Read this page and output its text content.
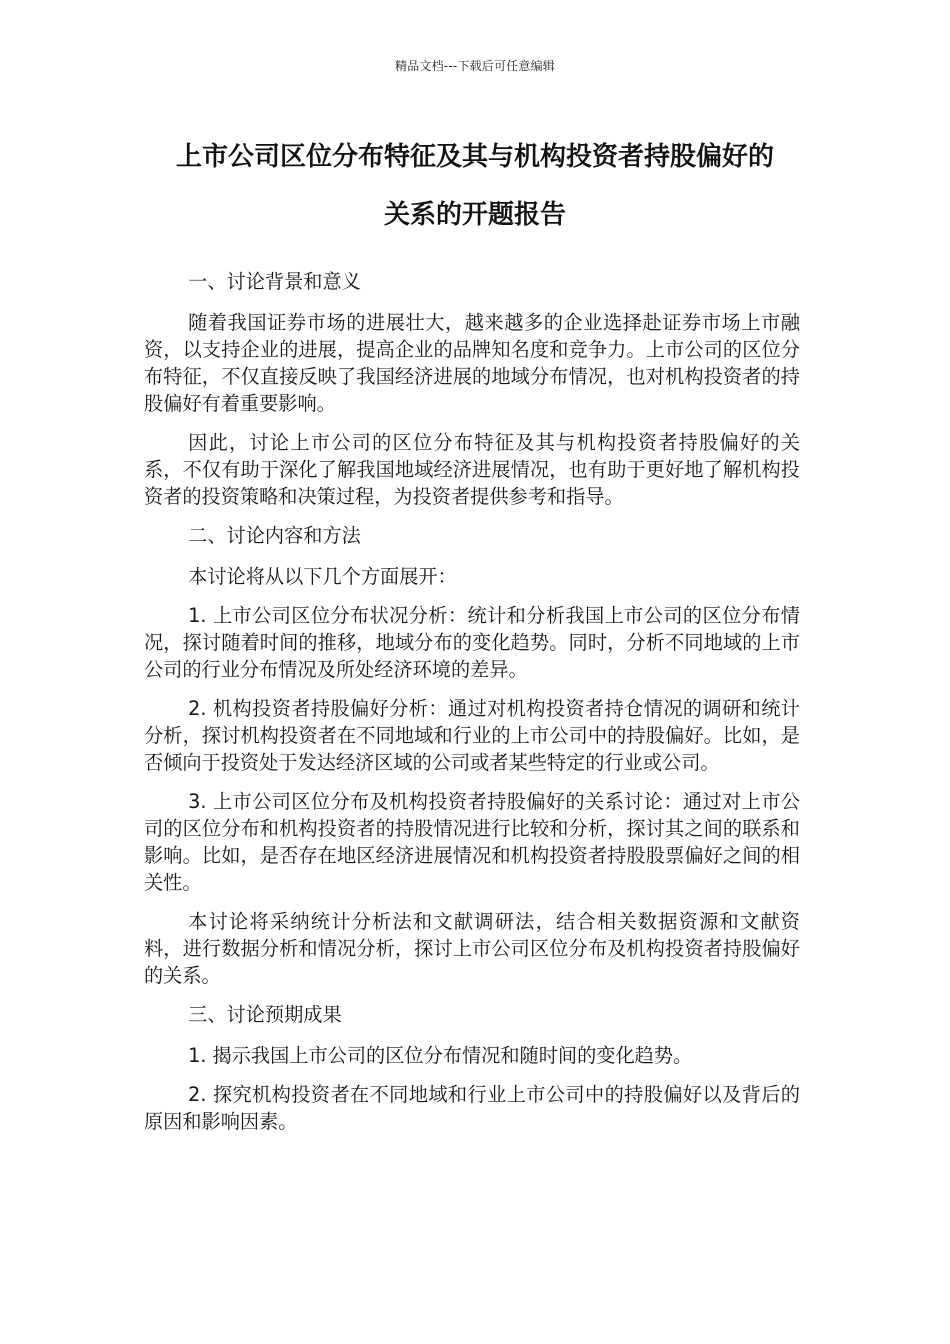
精品文档---下载后可任意编辑
上市公司区位分布特征及其与机构投资者持股偏好的
关系的开题报告

一、讨论背景和意义

随着我国证券市场的进展壮大，越来越多的企业选择赴证券市场上市融资，以支持企业的进展，提高企业的品牌知名度和竞争力。上市公司的区位分布特征，不仅直接反映了我国经济进展的地域分布情况，也对机构投资者的持股偏好有着重要影响。

因此，讨论上市公司的区位分布特征及其与机构投资者持股偏好的关系，不仅有助于深化了解我国地域经济进展情况，也有助于更好地了解机构投资者的投资策略和决策过程，为投资者提供参考和指导。

二、讨论内容和方法

本讨论将从以下几个方面展开：

1. 上市公司区位分布状况分析：统计和分析我国上市公司的区位分布情况，探讨随着时间的推移，地域分布的变化趋势。同时，分析不同地域的上市公司的行业分布情况及所处经济环境的差异。

2. 机构投资者持股偏好分析：通过对机构投资者持仓情况的调研和统计分析，探讨机构投资者在不同地域和行业的上市公司中的持股偏好。比如，是否倾向于投资处于发达经济区域的公司或者某些特定的行业或公司。

3. 上市公司区位分布及机构投资者持股偏好的关系讨论：通过对上市公司的区位分布和机构投资者的持股情况进行比较和分析，探讨其之间的联系和影响。比如，是否存在地区经济进展情况和机构投资者持股股票偏好之间的相关性。

本讨论将采纳统计分析法和文献调研法，结合相关数据资源和文献资料，进行数据分析和情况分析，探讨上市公司区位分布及机构投资者持股偏好的关系。

三、讨论预期成果

1. 揭示我国上市公司的区位分布情况和随时间的变化趋势。

2. 探究机构投资者在不同地域和行业上市公司中的持股偏好以及背后的原因和影响因素。
